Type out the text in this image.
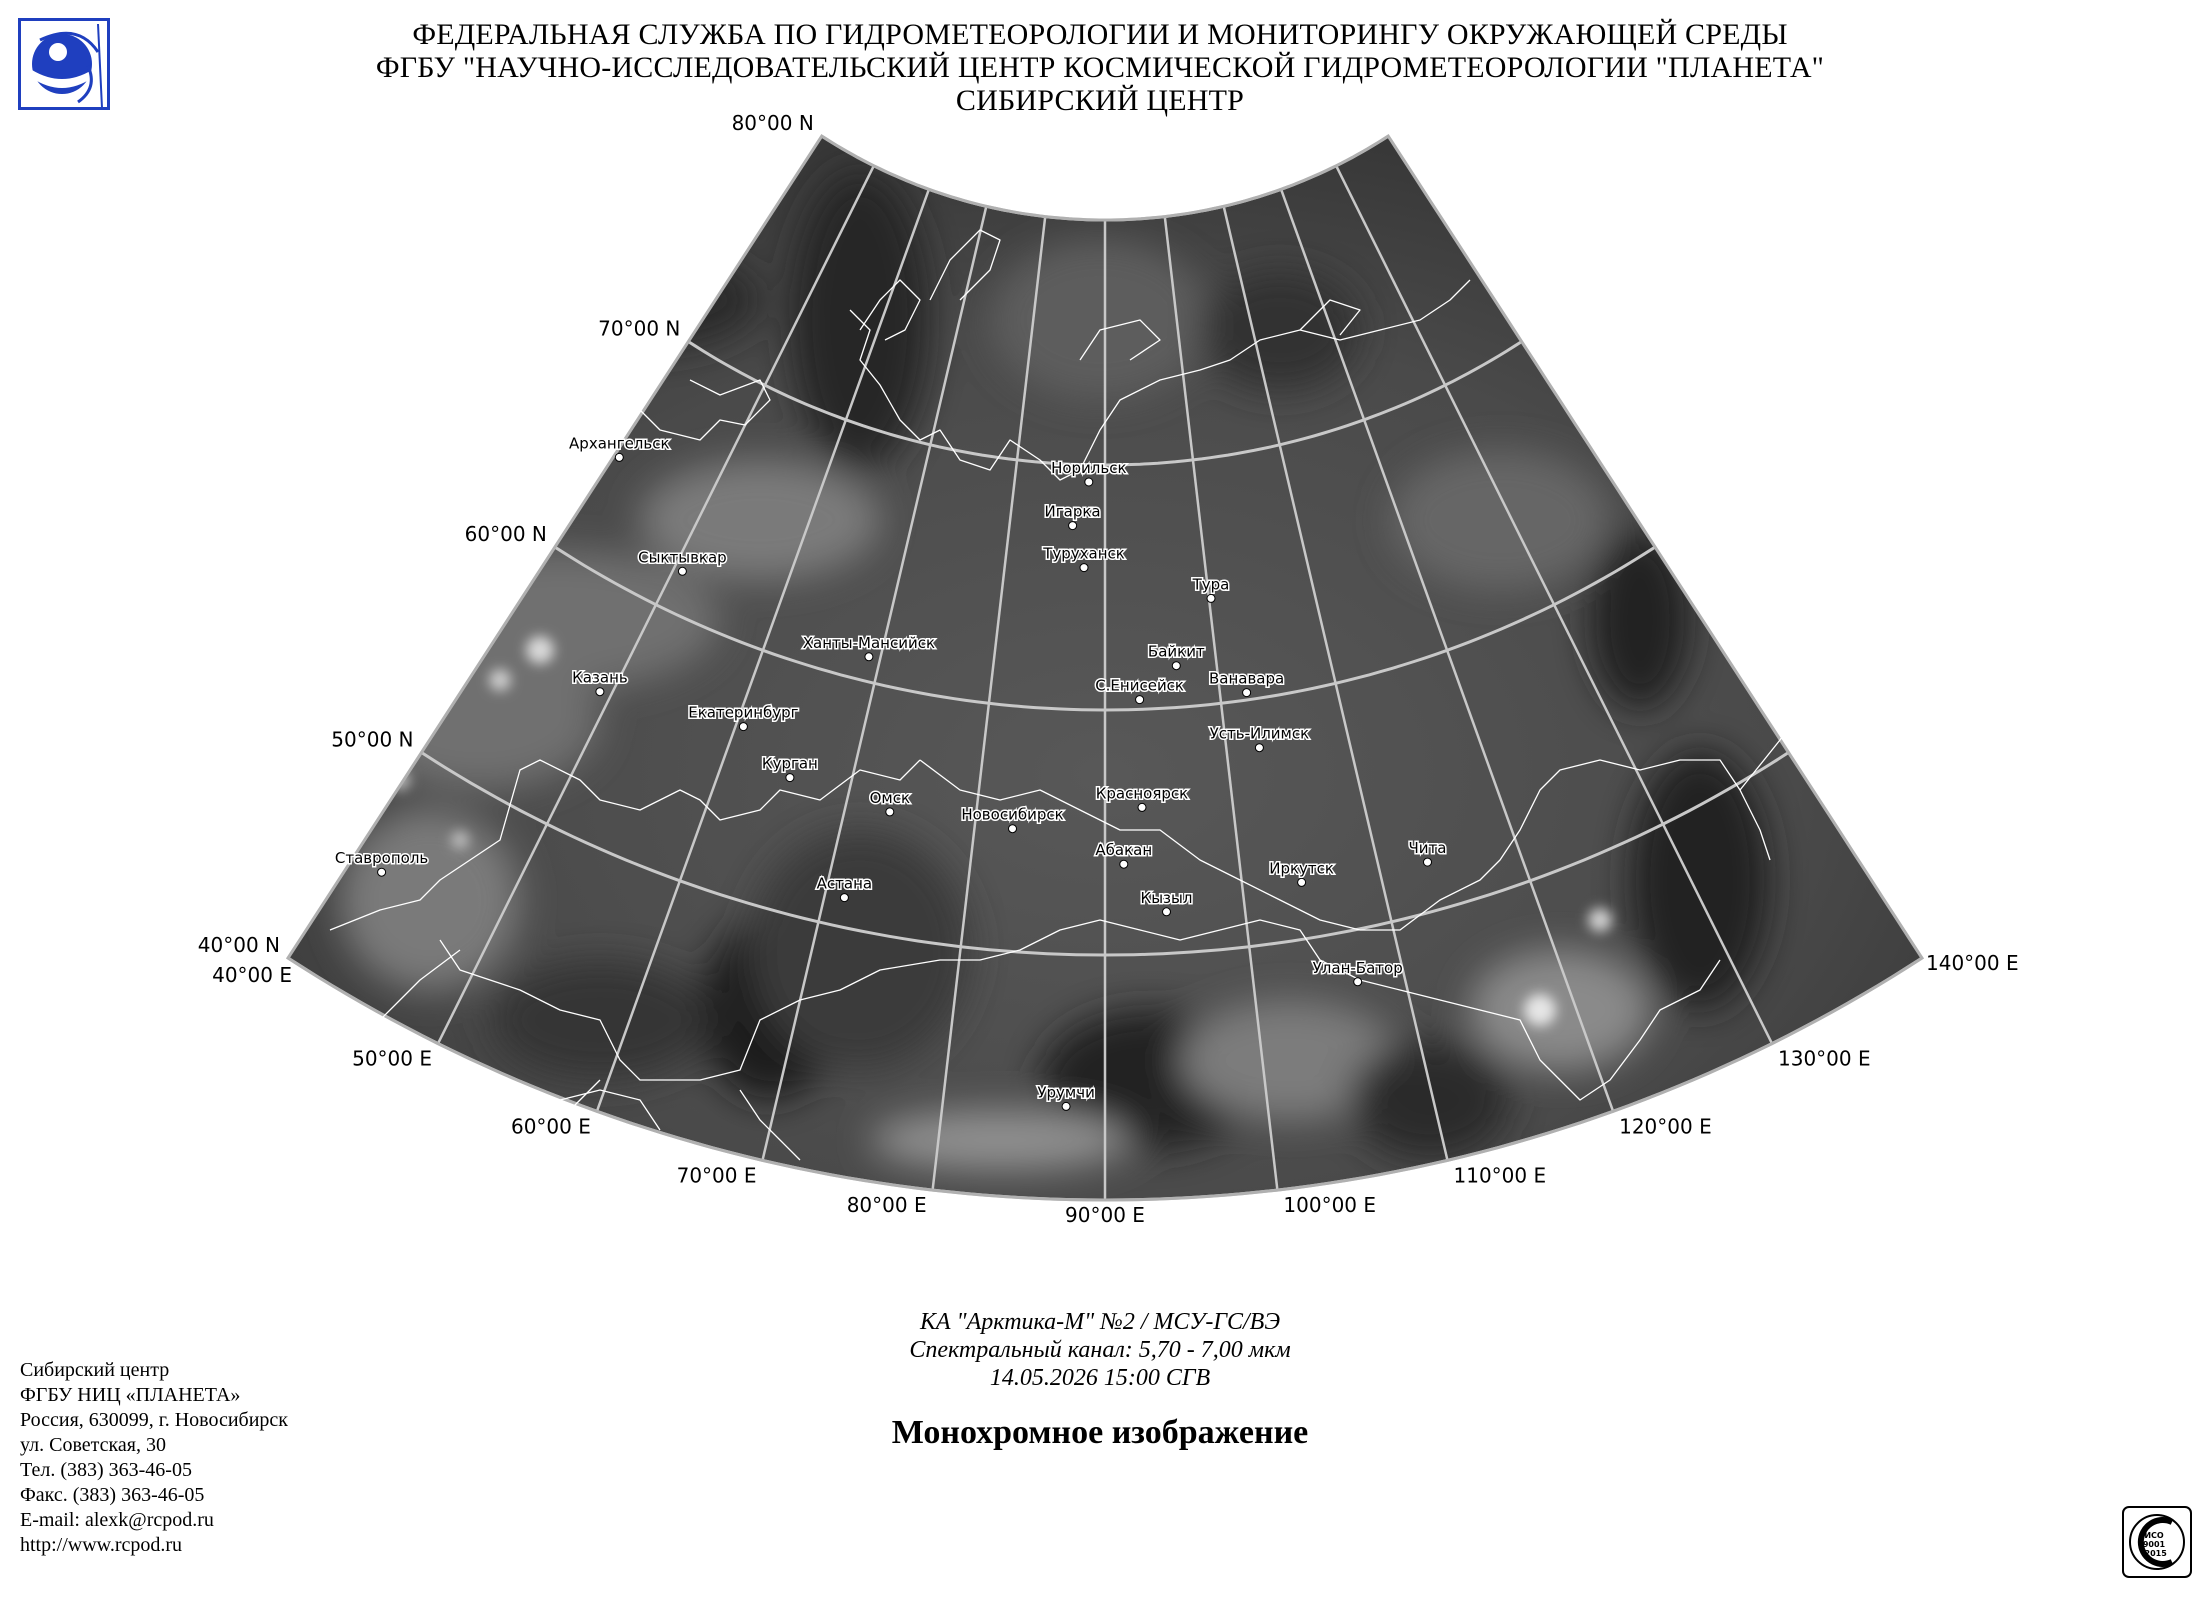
ФЕДЕРАЛЬНАЯ СЛУЖБА ПО ГИДРОМЕТЕОРОЛОГИИ И МОНИТОРИНГУ ОКРУЖАЮЩЕЙ СРЕДЫ
ФГБУ "НАУЧНО-ИССЛЕДОВАТЕЛЬСКИЙ ЦЕНТР КОСМИЧЕСКОЙ ГИДРОМЕТЕОРОЛОГИИ "ПЛАНЕТА"
СИБИРСКИЙ ЦЕНТР
80°00 N
70°00 N
60°00 N
50°00 N
40°00 N
40°00 E
50°00 E
60°00 E
70°00 E
80°00 E	90°00 E	100°00 E
110°00 E
120°00 E
130°00 E
140°00 E
Архангельск
Сыктывкар
Казань
Ставрополь
Екатеринбург
Ханты-Мансийск
Курган
Омск
Астана
Новосибирск
Норильск
Игарка
Туруханск
Тура
Байкит
Ванавара
С.Енисейск
Усть-Илимск
Красноярск
Абакан
Кызыл
Иркутск
Чита
Улан-Батор
Урумчи
КА "Арктика-М" №2 / МСУ-ГС/ВЭ
Спектральный канал: 5,70 - 7,00 мкм
14.05.2026 15:00 СГВ
Монохромное изображение
Сибирский центр
ФГБУ НИЦ «ПЛАНЕТА»
Россия, 630099, г. Новосибирск
ул. Советская, 30
Тел. (383) 363-46-05
Факс. (383) 363-46-05
E-mail: alexk@rcpod.ru
http://www.rcpod.ru	ИСО
9001
-2015
